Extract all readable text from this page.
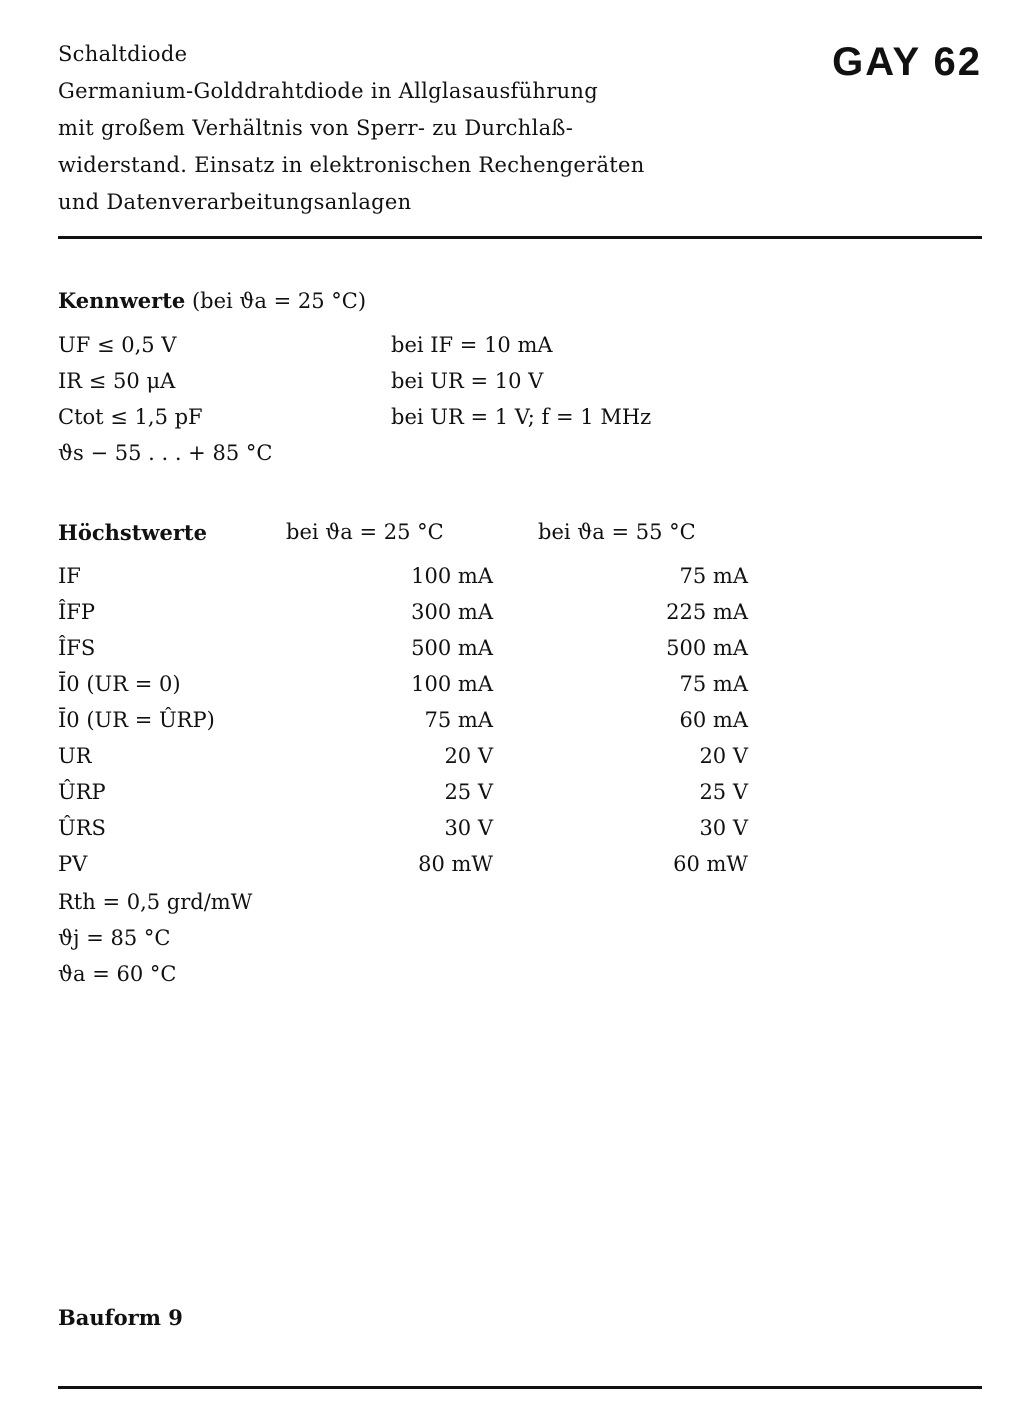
Schaltdiode
Germanium-Golddrahtdiode in Allglasausführung
mit großem Verhältnis von Sperr- zu Durchlaß-
widerstand. Einsatz in elektronischen Rechengeräten
und Datenverarbeitungsanlagen
GAY 62
Kennwerte (bei ϑa = 25 °C)
UF ≤ 0,5 V	bei IF = 10 mA
IR ≤ 50 μA	bei UR = 10 V
Ctot ≤ 1,5 pF	bei UR = 1 V; f = 1 MHz
ϑs − 55 . . . + 85 °C
Höchstwerte	bei ϑa = 25 °C	bei ϑa = 55 °C
IF	100 mA	75 mA
ÎFP	300 mA	225 mA
ÎFS	500 mA	500 mA
Ī0 (UR = 0)	100 mA	75 mA
Ī0 (UR = ÛRP)	75 mA	60 mA
UR	20 V	20 V
ÛRP	25 V	25 V
ÛRS	30 V	30 V
PV	80 mW	60 mW
Rth = 0,5 grd/mW
ϑj = 85 °C
ϑa = 60 °C
Bauform 9
